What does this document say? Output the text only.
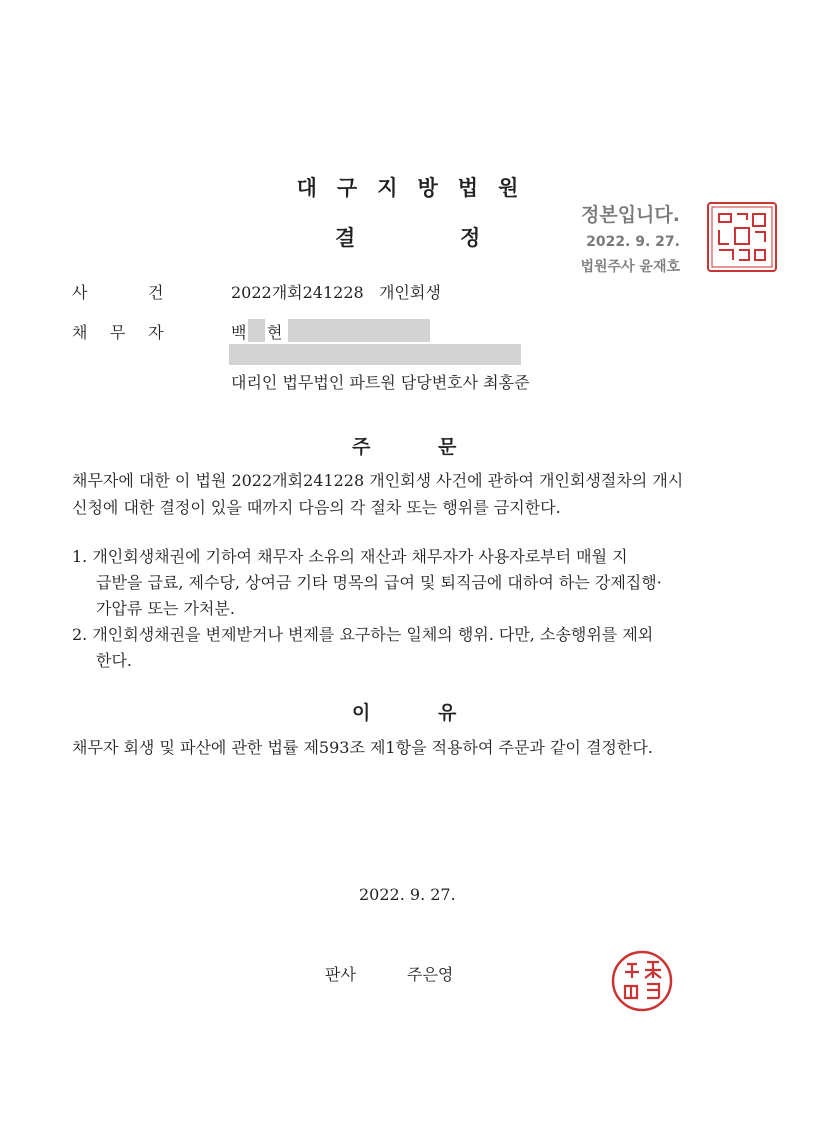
대구지방법원
결	정
정본입니다.
2022. 9. 27.
법원주사 윤재호
사	건	2022개회241228   개인회생
채 무 자	백 현
대리인 법무법인 파트원 담당변호사 최홍준
주	문
채무자에 대한 이 법원 2022개회241228 개인회생 사건에 관하여 개인회생절차의 개시
신청에 대한 결정이 있을 때까지 다음의 각 절차 또는 행위를 금지한다.
1. 개인회생채권에 기하여 채무자 소유의 재산과 채무자가 사용자로부터 매월 지
급받을 급료, 제수당, 상여금 기타 명목의 급여 및 퇴직금에 대하여 하는 강제집행·
가압류 또는 가처분.
2. 개인회생채권을 변제받거나 변제를 요구하는 일체의 행위. 다만, 소송행위를 제외
한다.
이	유
채무자 회생 및 파산에 관한 법률 제593조 제1항을 적용하여 주문과 같이 결정한다.
2022. 9. 27.
판사	주은영
